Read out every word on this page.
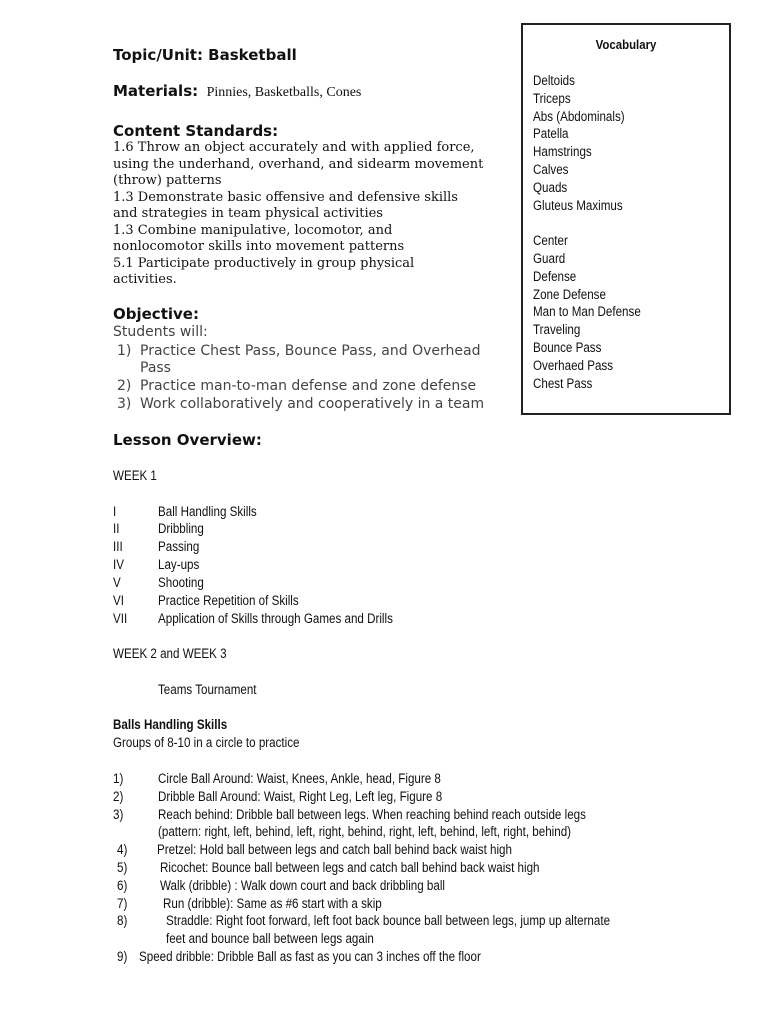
Topic/Unit: Basketball
Materials: Pinnies, Basketballs, Cones
Content Standards:
1.6 Throw an object accurately and with applied force,
using the underhand, overhand, and sidearm movement
(throw) patterns
1.3 Demonstrate basic offensive and defensive skills
and strategies in team physical activities
1.3 Combine manipulative, locomotor, and
nonlocomotor skills into movement patterns
5.1 Participate productively in group physical
activities.
Objective:
Students will:
1) Practice Chest Pass, Bounce Pass, and Overhead
Pass
2) Practice man-to-man defense and zone defense
3) Work collaboratively and cooperatively in a team
Vocabulary
Deltoids
Triceps
Abs (Abdominals)
Patella
Hamstrings
Calves
Quads
Gluteus Maximus
Center
Guard
Defense
Zone Defense
Man to Man Defense
Traveling
Bounce Pass
Overhaed Pass
Chest Pass
Lesson Overview:
WEEK 1
I	Ball Handling Skills
II	Dribbling
III	Passing
IV	Lay-ups
V	Shooting
VI	Practice Repetition of Skills
VII Application of Skills through Games and Drills
WEEK 2 and WEEK 3
Teams Tournament
Balls Handling Skills
Groups of 8-10 in a circle to practice
1)	Circle Ball Around: Waist, Knees, Ankle, head, Figure 8
2)	Dribble Ball Around: Waist, Right Leg, Left leg, Figure 8
3)	Reach behind: Dribble ball between legs. When reaching behind reach outside legs
(pattern: right, left, behind, left, right, behind, right, left, behind, left, right, behind)
4) Pretzel: Hold ball between legs and catch ball behind back waist high
5) Ricochet: Bounce ball between legs and catch ball behind back waist high
6) Walk (dribble) : Walk down court and back dribbling ball
7)	Run (dribble): Same as #6 start with a skip
8)	Straddle: Right foot forward, left foot back bounce ball between legs, jump up alternate
feet and bounce ball between legs again
9) Speed dribble: Dribble Ball as fast as you can 3 inches off the floor
